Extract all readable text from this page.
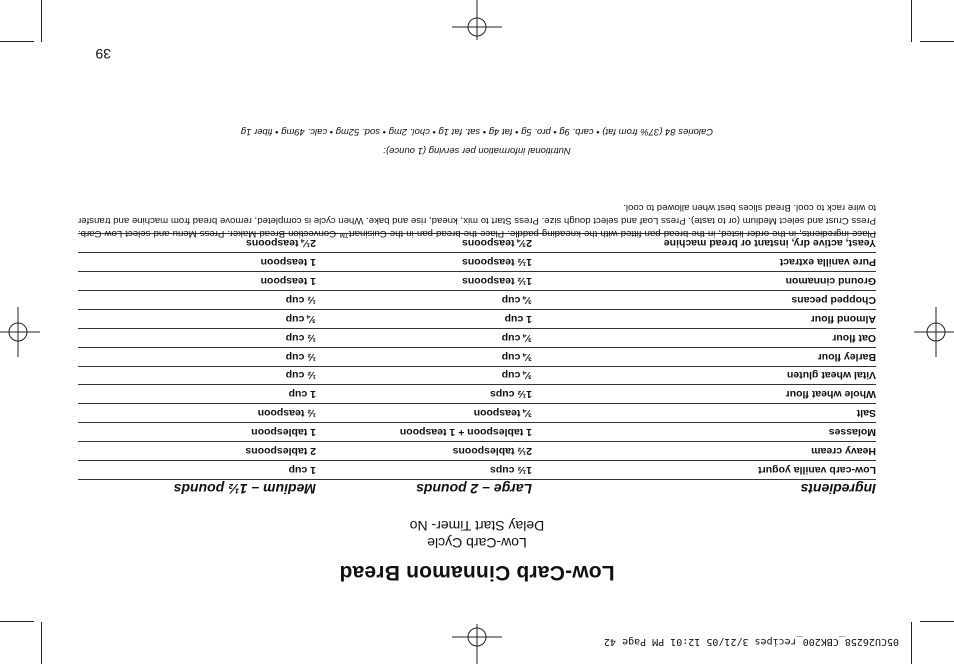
39
Low-Carb Cinnamon Bread
Low-Carb Cycle
Delay Start Timer- No
Ingredients
Large – 2 pounds
Medium – 1½ pounds
Low-carb vanilla yogurt
1½ cups
1 cup
Heavy cream
2½ tablespoons
2 tablespoons
Molasses
1 tablespoon + 1 teaspoon
1 tablespoon
Salt
¾ teaspoon
½ teaspoon
Whole wheat flour
1½ cups
1 cup
Vital wheat gluten
¾ cup
½ cup
Barley flour
¾ cup
½ cup
Oat flour
¾ cup
½ cup
Almond flour
1 cup
¾ cup
Chopped pecans
¾ cup
½ cup
Ground cinnamon
1½ teaspoons
1 teaspoon
Pure vanilla extract
1½ teaspoons
1 teaspoon
Yeast, active dry, instant or bread machine
2¾ teaspoons
2¼ teaspoons
Place ingredients, in the order listed, in the bread pan fitted with the kneading paddle. Place the bread pan in the Cuisinart™ Convection Bread Maker. Press Menu and select Low Carb. Press Crust and select Medium (or to taste). Press Loaf and select dough size. Press Start to mix, knead, rise and bake. When cycle is completed, remove bread from machine and transfer to wire rack to cool. Bread slices best when allowed to cool.
Nutritional information per serving (1 ounce):
Calories 84 (37% from fat) • carb. 9g • pro. 5g • fat 4g • sat. fat 1g • chol. 2mg • sod. 52mg • calc. 49mg • fiber 1g
05CU26258_CBK200_recipes 3/21/05 12:01 PM Page 42
